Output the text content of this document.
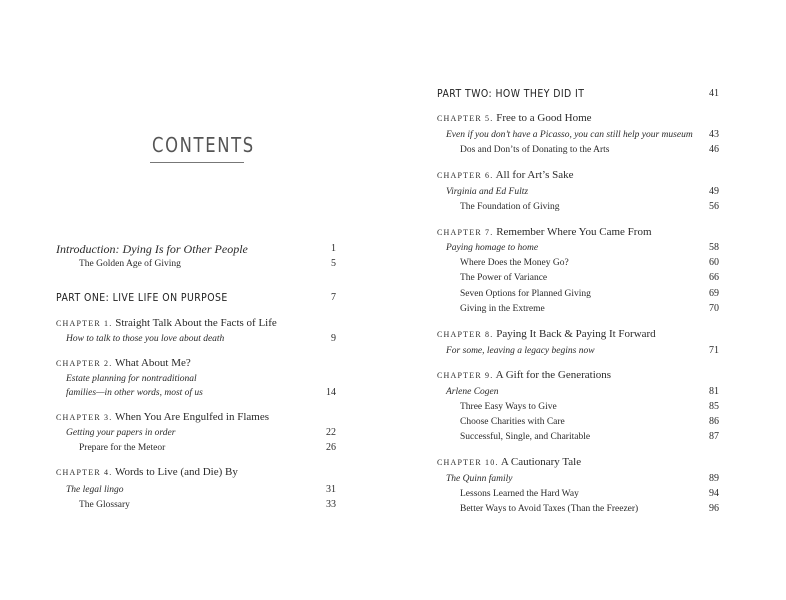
CONTENTS
Introduction: Dying Is for Other People	1
The Golden Age of Giving	5
PART ONE: LIVE LIFE ON PURPOSE	7
CHAPTER 1. Straight Talk About the Facts of Life
How to talk to those you love about death	9
CHAPTER 2. What About Me?
Estate planning for nontraditional
families—in other words, most of us	14
CHAPTER 3. When You Are Engulfed in Flames
Getting your papers in order	22
Prepare for the Meteor	26
CHAPTER 4. Words to Live (and Die) By
The legal lingo	31
The Glossary	33
PART TWO: HOW THEY DID IT	41
CHAPTER 5. Free to a Good Home
Even if you don’t have a Picasso, you can still help your museum	43
Dos and Don’ts of Donating to the Arts	46
CHAPTER 6. All for Art’s Sake
Virginia and Ed Fultz	49
The Foundation of Giving	56
CHAPTER 7. Remember Where You Came From
Paying homage to home	58
Where Does the Money Go?	60
The Power of Variance	66
Seven Options for Planned Giving	69
Giving in the Extreme	70
CHAPTER 8. Paying It Back & Paying It Forward
For some, leaving a legacy begins now	71
CHAPTER 9. A Gift for the Generations
Arlene Cogen	81
Three Easy Ways to Give	85
Choose Charities with Care	86
Successful, Single, and Charitable	87
CHAPTER 10. A Cautionary Tale
The Quinn family	89
Lessons Learned the Hard Way	94
Better Ways to Avoid Taxes (Than the Freezer)	96
